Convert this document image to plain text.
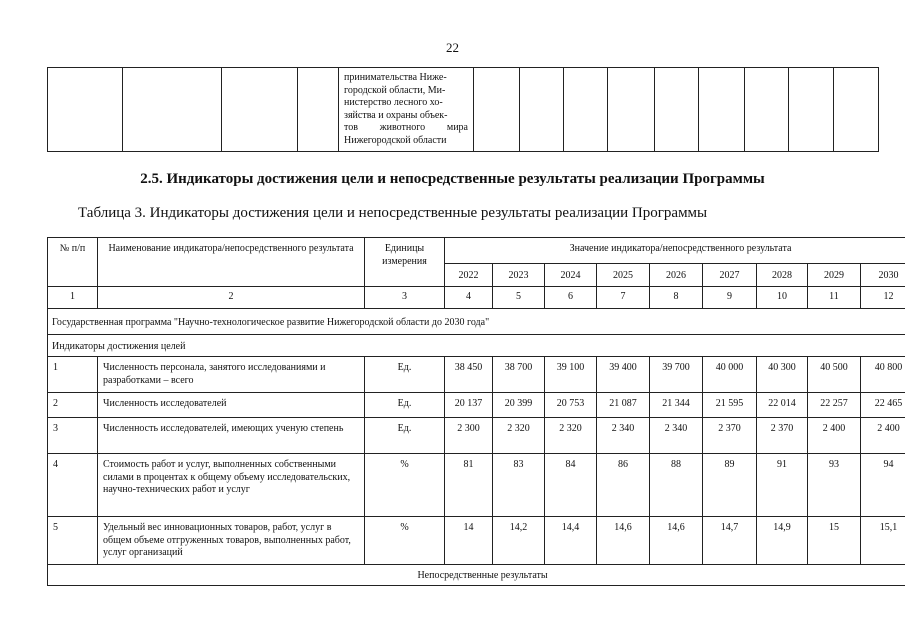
22

принимательства Ниже-
городской области, Ми-
нистерство лесного хо-
зяйства и охраны объек-
тов животного мира
Нижегородской области

2.5. Индикаторы достижения цели и непосредственные результаты реализации Программы
Таблица 3. Индикаторы достижения цели и непосредственные результаты реализации Программы
№ п/п	Наименование индикатора/непосредственного результата	Единицы измерения	Значение индикатора/непосредственного результата								
			2022	2023	2024	2025	2026	2027	2028	2029	2030
1	2	3	4	5	6	7	8	9	10	11	12
Государственная программа "Научно-технологическое развитие Нижегородской области до 2030 года"											
Индикаторы достижения целей											
1	Численность персонала, занятого исследованиями и разработками – всего	Ед.	38 450	38 700	39 100	39 400	39 700	40 000	40 300	40 500	40 800
2	Численность исследователей	Ед.	20 137	20 399	20 753	21 087	21 344	21 595	22 014	22 257	22 465
3	Численность исследователей, имеющих ученую степень	Ед.	2 300	2 320	2 320	2 340	2 340	2 370	2 370	2 400	2 400
4	Стоимость работ и услуг, выполненных собственными силами в процентах к общему объему исследовательских, научно-технических работ и услуг	%	81	83	84	86	88	89	91	93	94
5	Удельный вес инновационных товаров, работ, услуг в общем объеме отгруженных товаров, выполненных работ, услуг организаций	%	14	14,2	14,4	14,6	14,6	14,7	14,9	15	15,1
Непосредственные результаты											
